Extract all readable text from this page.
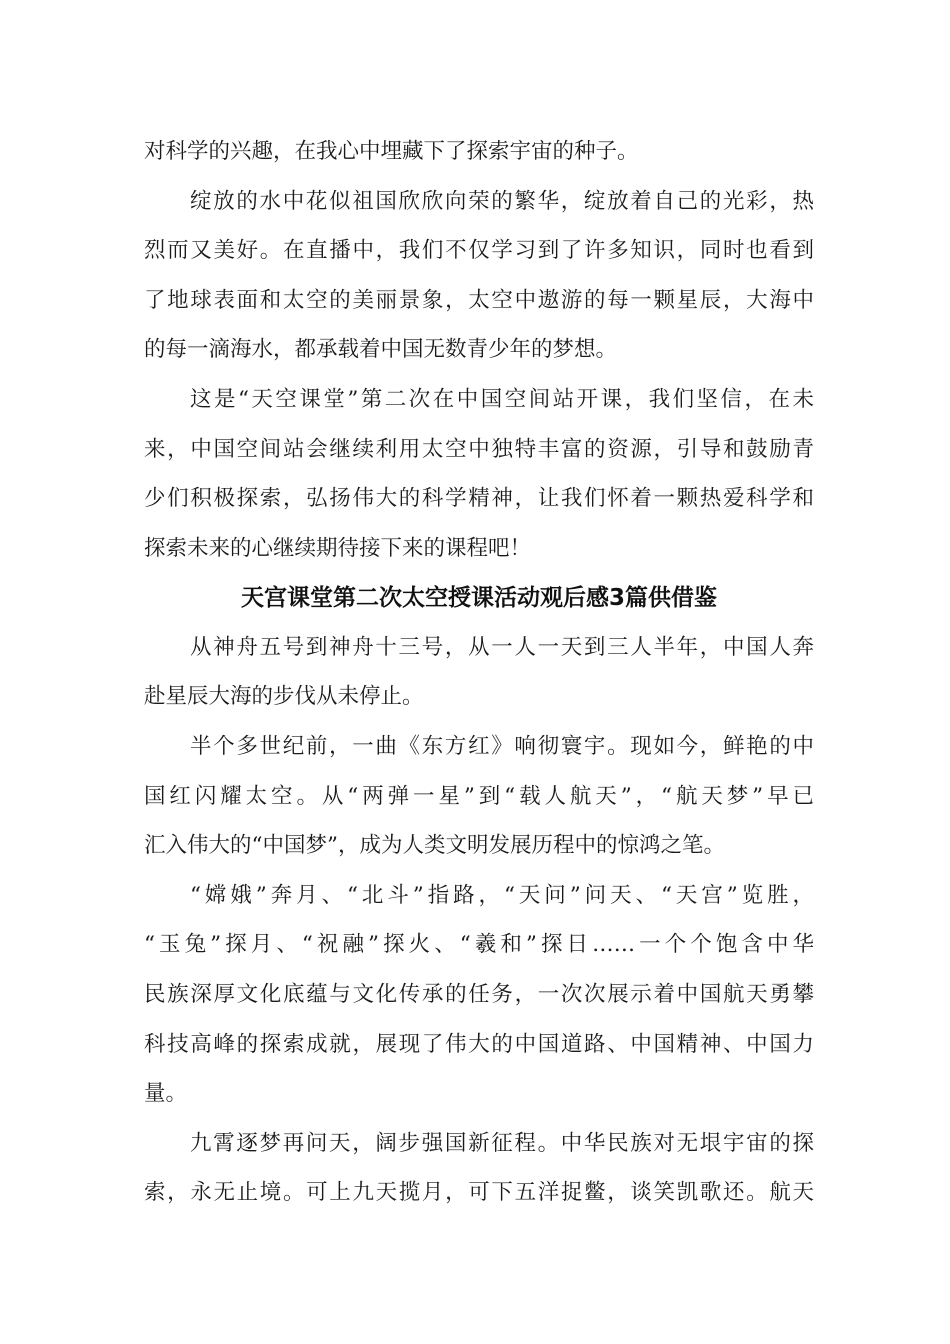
对科学的兴趣，在我心中埋藏下了探索宇宙的种子。
绽放的水中花似祖国欣欣向荣的繁华，绽放着自己的光彩，热
烈而又美好。在直播中，我们不仅学习到了许多知识，同时也看到
了地球表面和太空的美丽景象，太空中遨游的每一颗星辰，大海中
的每一滴海水，都承载着中国无数青少年的梦想。
这是“天空课堂”第二次在中国空间站开课，我们坚信，在未
来，中国空间站会继续利用太空中独特丰富的资源，引导和鼓励青
少们积极探索，弘扬伟大的科学精神，让我们怀着一颗热爱科学和
探索未来的心继续期待接下来的课程吧！
天宫课堂第二次太空授课活动观后感3篇供借鉴
从神舟五号到神舟十三号，从一人一天到三人半年，中国人奔
赴星辰大海的步伐从未停止。
半个多世纪前，一曲《东方红》响彻寰宇。现如今，鲜艳的中
国红闪耀太空。从“两弹一星”到“载人航天”，“航天梦”早已
汇入伟大的“中国梦”，成为人类文明发展历程中的惊鸿之笔。
“嫦娥”奔月、“北斗”指路，“天问”问天、“天宫”览胜，
“玉兔”探月、“祝融”探火、“羲和”探日……一个个饱含中华
民族深厚文化底蕴与文化传承的任务，一次次展示着中国航天勇攀
科技高峰的探索成就，展现了伟大的中国道路、中国精神、中国力
量。
九霄逐梦再问天，阔步强国新征程。中华民族对无垠宇宙的探
索，永无止境。可上九天揽月，可下五洋捉鳖，谈笑凯歌还。航天
